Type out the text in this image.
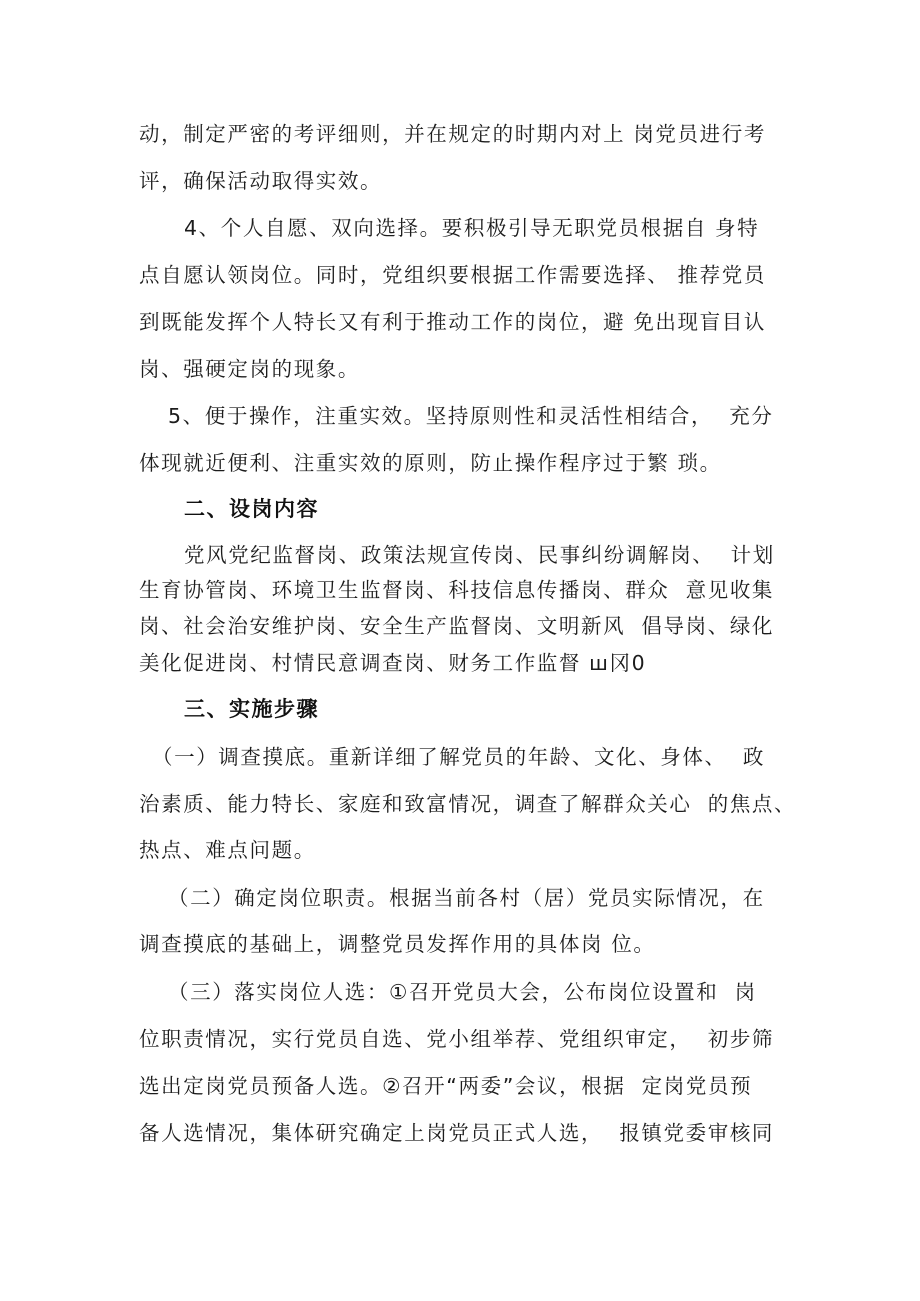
动，制定严密的考评细则，并在规定的时期内对上 岗党员进行考
评，确保活动取得实效。
4、个人自愿、双向选择。要积极引导无职党员根据自 身特
点自愿认领岗位。同时，党组织要根据工作需要选择、 推荐党员
到既能发挥个人特长又有利于推动工作的岗位，避 免出现盲目认
岗、强硬定岗的现象。
5、便于操作，注重实效。坚持原则性和灵活性相结合，  充分
体现就近便利、注重实效的原则，防止操作程序过于繁 琐。
二、设岗内容
党风党纪监督岗、政策法规宣传岗、民事纠纷调解岗、  计划
生育协管岗、环境卫生监督岗、科技信息传播岗、群众  意见收集
岗、社会治安维护岗、安全生产监督岗、文明新风  倡导岗、绿化
美化促进岗、村情民意调查岗、财务工作监督 ш冈0
三、实施步骤
（一）调查摸底。重新详细了解党员的年龄、文化、身体、  政
治素质、能力特长、家庭和致富情况，调查了解群众关心  的焦点、
热点、难点问题。
（二）确定岗位职责。根据当前各村（居）党员实际情况，在
调查摸底的基础上，调整党员发挥作用的具体岗 位。
（三）落实岗位人选：①召开党员大会，公布岗位设置和  岗
位职责情况，实行党员自选、党小组举荐、党组织审定，  初步筛
选出定岗党员预备人选。②召开“两委”会议，根据  定岗党员预
备人选情况，集体研究确定上岗党员正式人选，  报镇党委审核同
